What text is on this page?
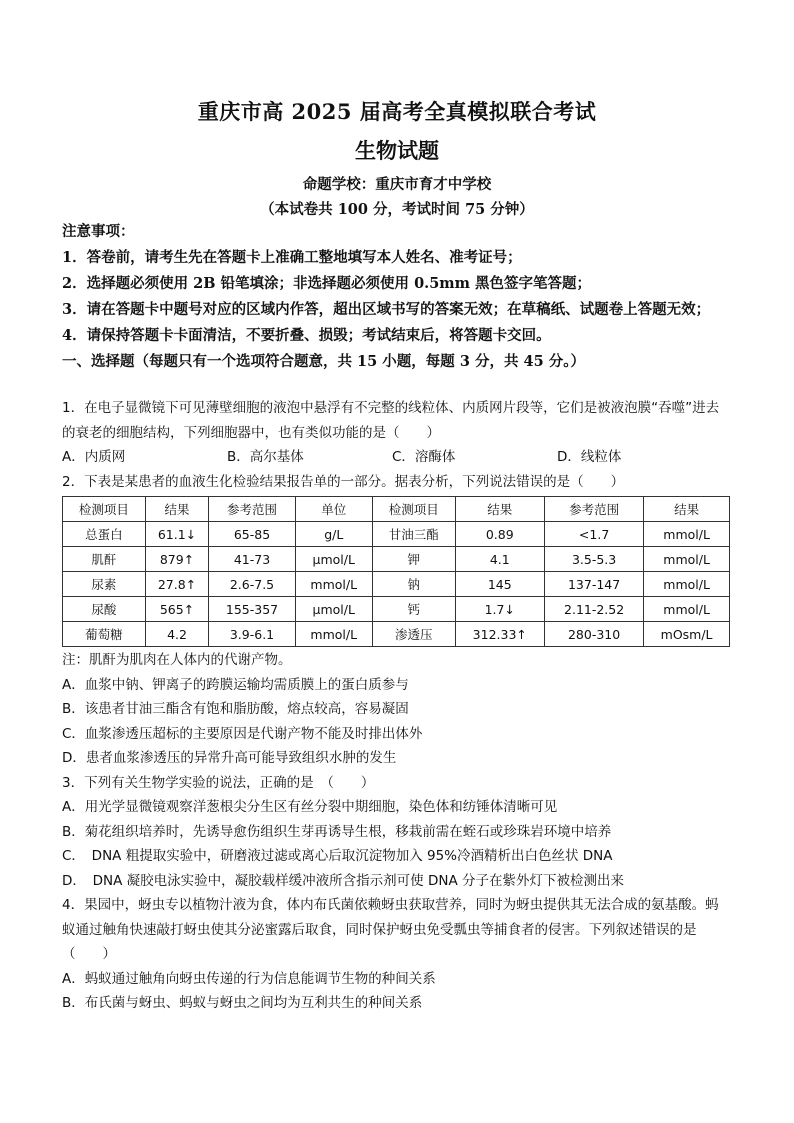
重庆市高 2025 届高考全真模拟联合考试
生物试题
命题学校：重庆市育才中学校
（本试卷共 100 分，考试时间 75 分钟）

注意事项：

1．答卷前，请考生先在答题卡上准确工整地填写本人姓名、准考证号；

2．选择题必须使用 2B 铅笔填涂；非选择题必须使用 0.5mm 黑色签字笔答题；

3．请在答题卡中题号对应的区域内作答，超出区域书写的答案无效；在草稿纸、试题卷上答题无效；

4．请保持答题卡卡面清洁，不要折叠、损毁；考试结束后，将答题卡交回。

一、选择题（每题只有一个选项符合题意，共 15 小题，每题 3 分，共 45 分。）

1．在电子显微镜下可见薄壁细胞的液泡中悬浮有不完整的线粒体、内质网片段等，它们是被液泡膜“吞噬”进去的衰老的细胞结构，下列细胞器中，也有类似功能的是（　　）

A．内质网	B．高尔基体	C．溶酶体	D．线粒体

2．下表是某患者的血液生化检验结果报告单的一部分。据表分析，下列说法错误的是（　　）

检测项目	结果	参考范围	单位	检测项目	结果	参考范围	结果
总蛋白	61.1↓	65-85	g/L	甘油三酯	0.89	<1.7	mmol/L
肌酐	879↑	41-73	μmol/L	钾	4.1	3.5-5.3	mmol/L
尿素	27.8↑	2.6-7.5	mmol/L	钠	145	137-147	mmol/L
尿酸	565↑	155-357	μmol/L	钙	1.7↓	2.11-2.52	mmol/L
葡萄糖	4.2	3.9-6.1	mmol/L	渗透压	312.33↑	280-310	mOsm/L

注：肌酐为肌肉在人体内的代谢产物。

A．血浆中钠、钾离子的跨膜运输均需质膜上的蛋白质参与

B．该患者甘油三酯含有饱和脂肪酸，熔点较高，容易凝固

C．血浆渗透压超标的主要原因是代谢产物不能及时排出体外

D．患者血浆渗透压的异常升高可能导致组织水肿的发生

3．下列有关生物学实验的说法，正确的是　（　　）

A．用光学显微镜观察洋葱根尖分生区有丝分裂中期细胞，染色体和纺锤体清晰可见

B．菊花组织培养时，先诱导愈伤组织生芽再诱导生根，移栽前需在蛭石或珍珠岩环境中培养

C．　DNA 粗提取实验中，研磨液过滤或离心后取沉淀物加入 95%冷酒精析出白色丝状 DNA

D．　DNA 凝胶电泳实验中，凝胶载样缓冲液所含指示剂可使 DNA 分子在紫外灯下被检测出来

4．果园中，蚜虫专以植物汁液为食，体内布氏菌依赖蚜虫获取营养，同时为蚜虫提供其无法合成的氨基酸。蚂蚁通过触角快速敲打蚜虫使其分泌蜜露后取食，同时保护蚜虫免受瓢虫等捕食者的侵害。下列叙述错误的是（　　）

A．蚂蚁通过触角向蚜虫传递的行为信息能调节生物的种间关系

B．布氏菌与蚜虫、蚂蚁与蚜虫之间均为互利共生的种间关系
